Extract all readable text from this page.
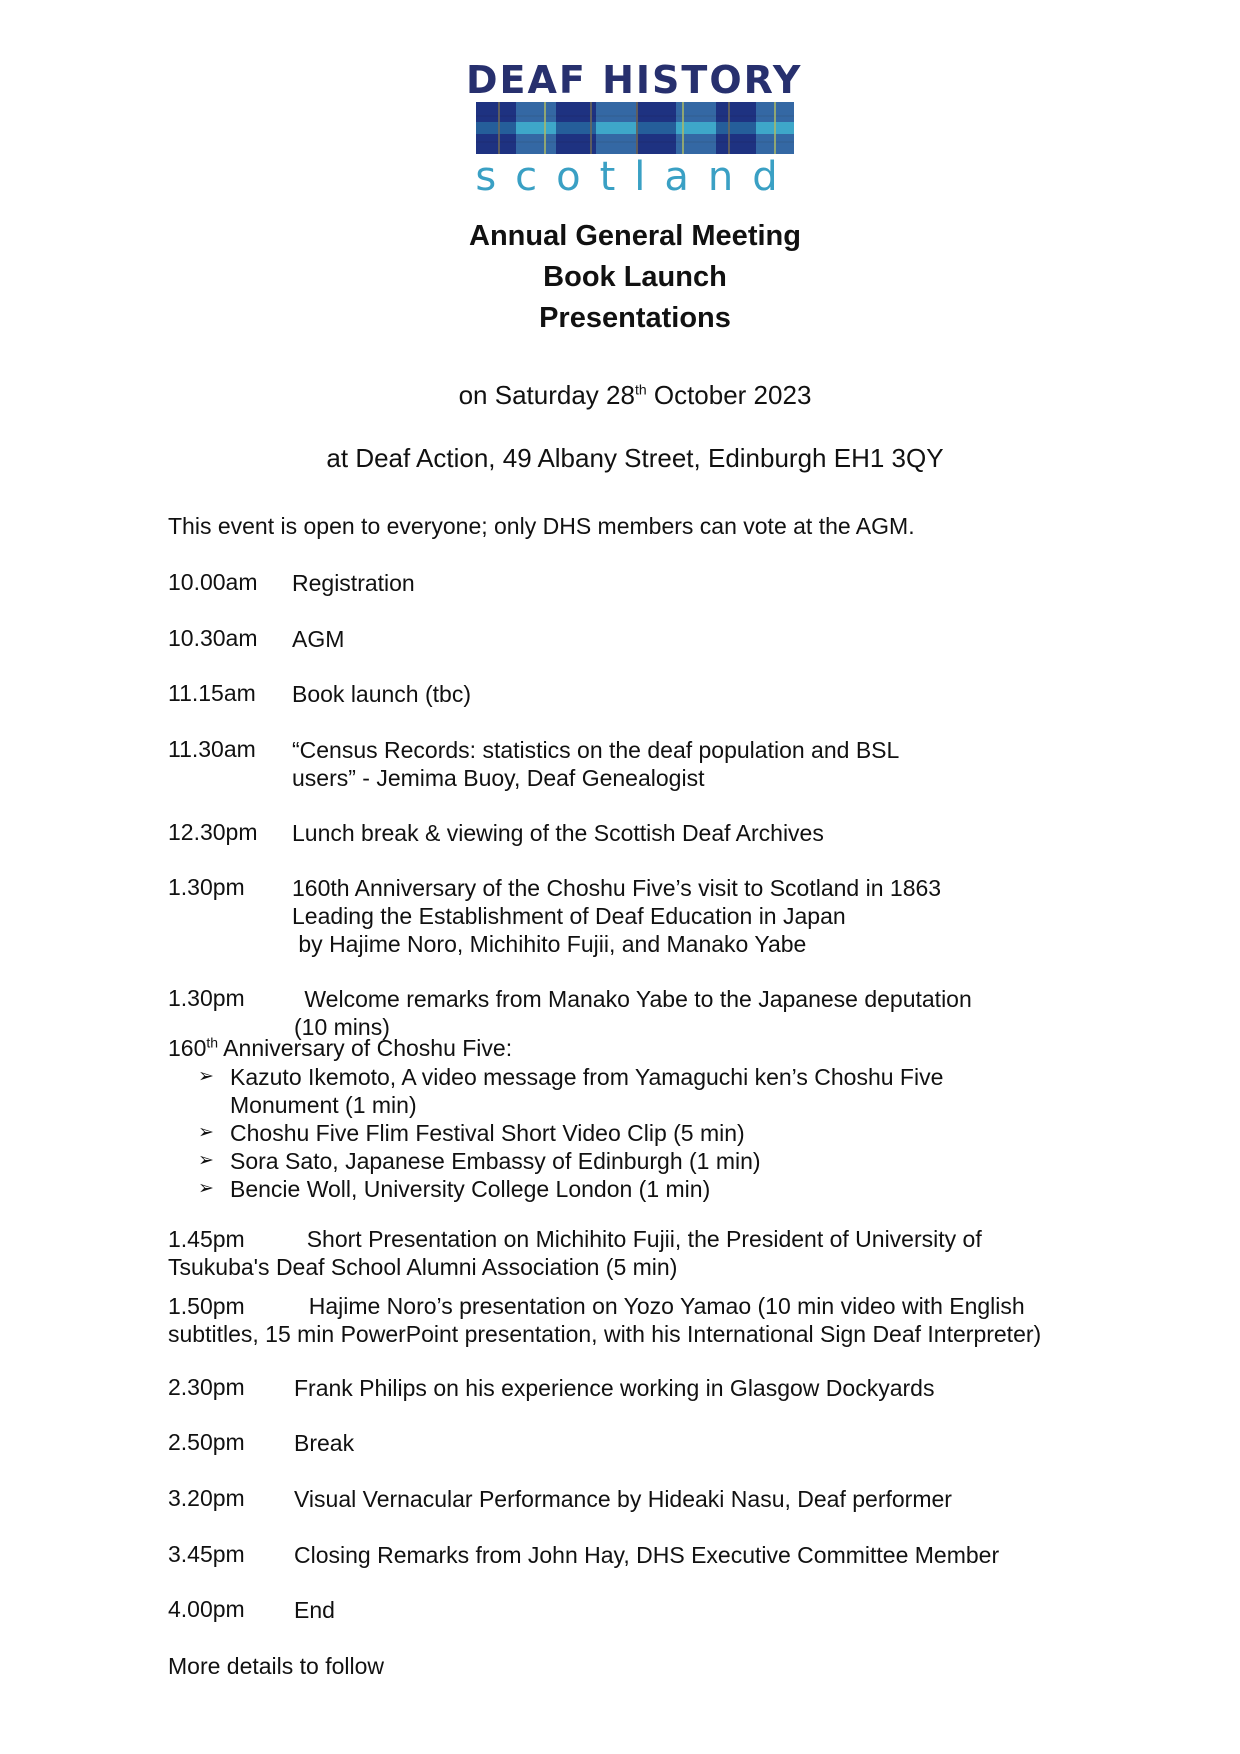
DEAF HISTORY
scotland
Annual General Meeting
Book Launch
Presentations
on Saturday 28th October 2023
at Deaf Action, 49 Albany Street, Edinburgh EH1 3QY
This event is open to everyone; only DHS members can vote at the AGM.
10.00am Registration
10.30am AGM
11.15am Book launch (tbc)
11.30am “Census Records: statistics on the deaf population and BSL
users” - Jemima Buoy, Deaf Genealogist
12.30pm Lunch break & viewing of the Scottish Deaf Archives
1.30pm 160th Anniversary of the Choshu Five’s visit to Scotland in 1863
Leading the Establishment of Deaf Education in Japan
by Hajime Noro, Michihito Fujii, and Manako Yabe
1.30pm Welcome remarks from Manako Yabe to the Japanese deputation
(10 mins)
160th Anniversary of Choshu Five:
➢ Kazuto Ikemoto, A video message from Yamaguchi ken’s Choshu Five
Monument (1 min)
➢ Choshu Five Flim Festival Short Video Clip (5 min)
➢ Sora Sato, Japanese Embassy of Edinburgh (1 min)
➢ Bencie Woll, University College London (1 min)
1.45pm	Short Presentation on Michihito Fujii, the President of University of
Tsukuba's Deaf School Alumni Association (5 min)
1.50pm	Hajime Noro’s presentation on Yozo Yamao (10 min video with English
subtitles, 15 min PowerPoint presentation, with his International Sign Deaf Interpreter)
2.30pm Frank Philips on his experience working in Glasgow Dockyards
2.50pm Break
3.20pm Visual Vernacular Performance by Hideaki Nasu, Deaf performer
3.45pm Closing Remarks from John Hay, DHS Executive Committee Member
4.00pm End
More details to follow
